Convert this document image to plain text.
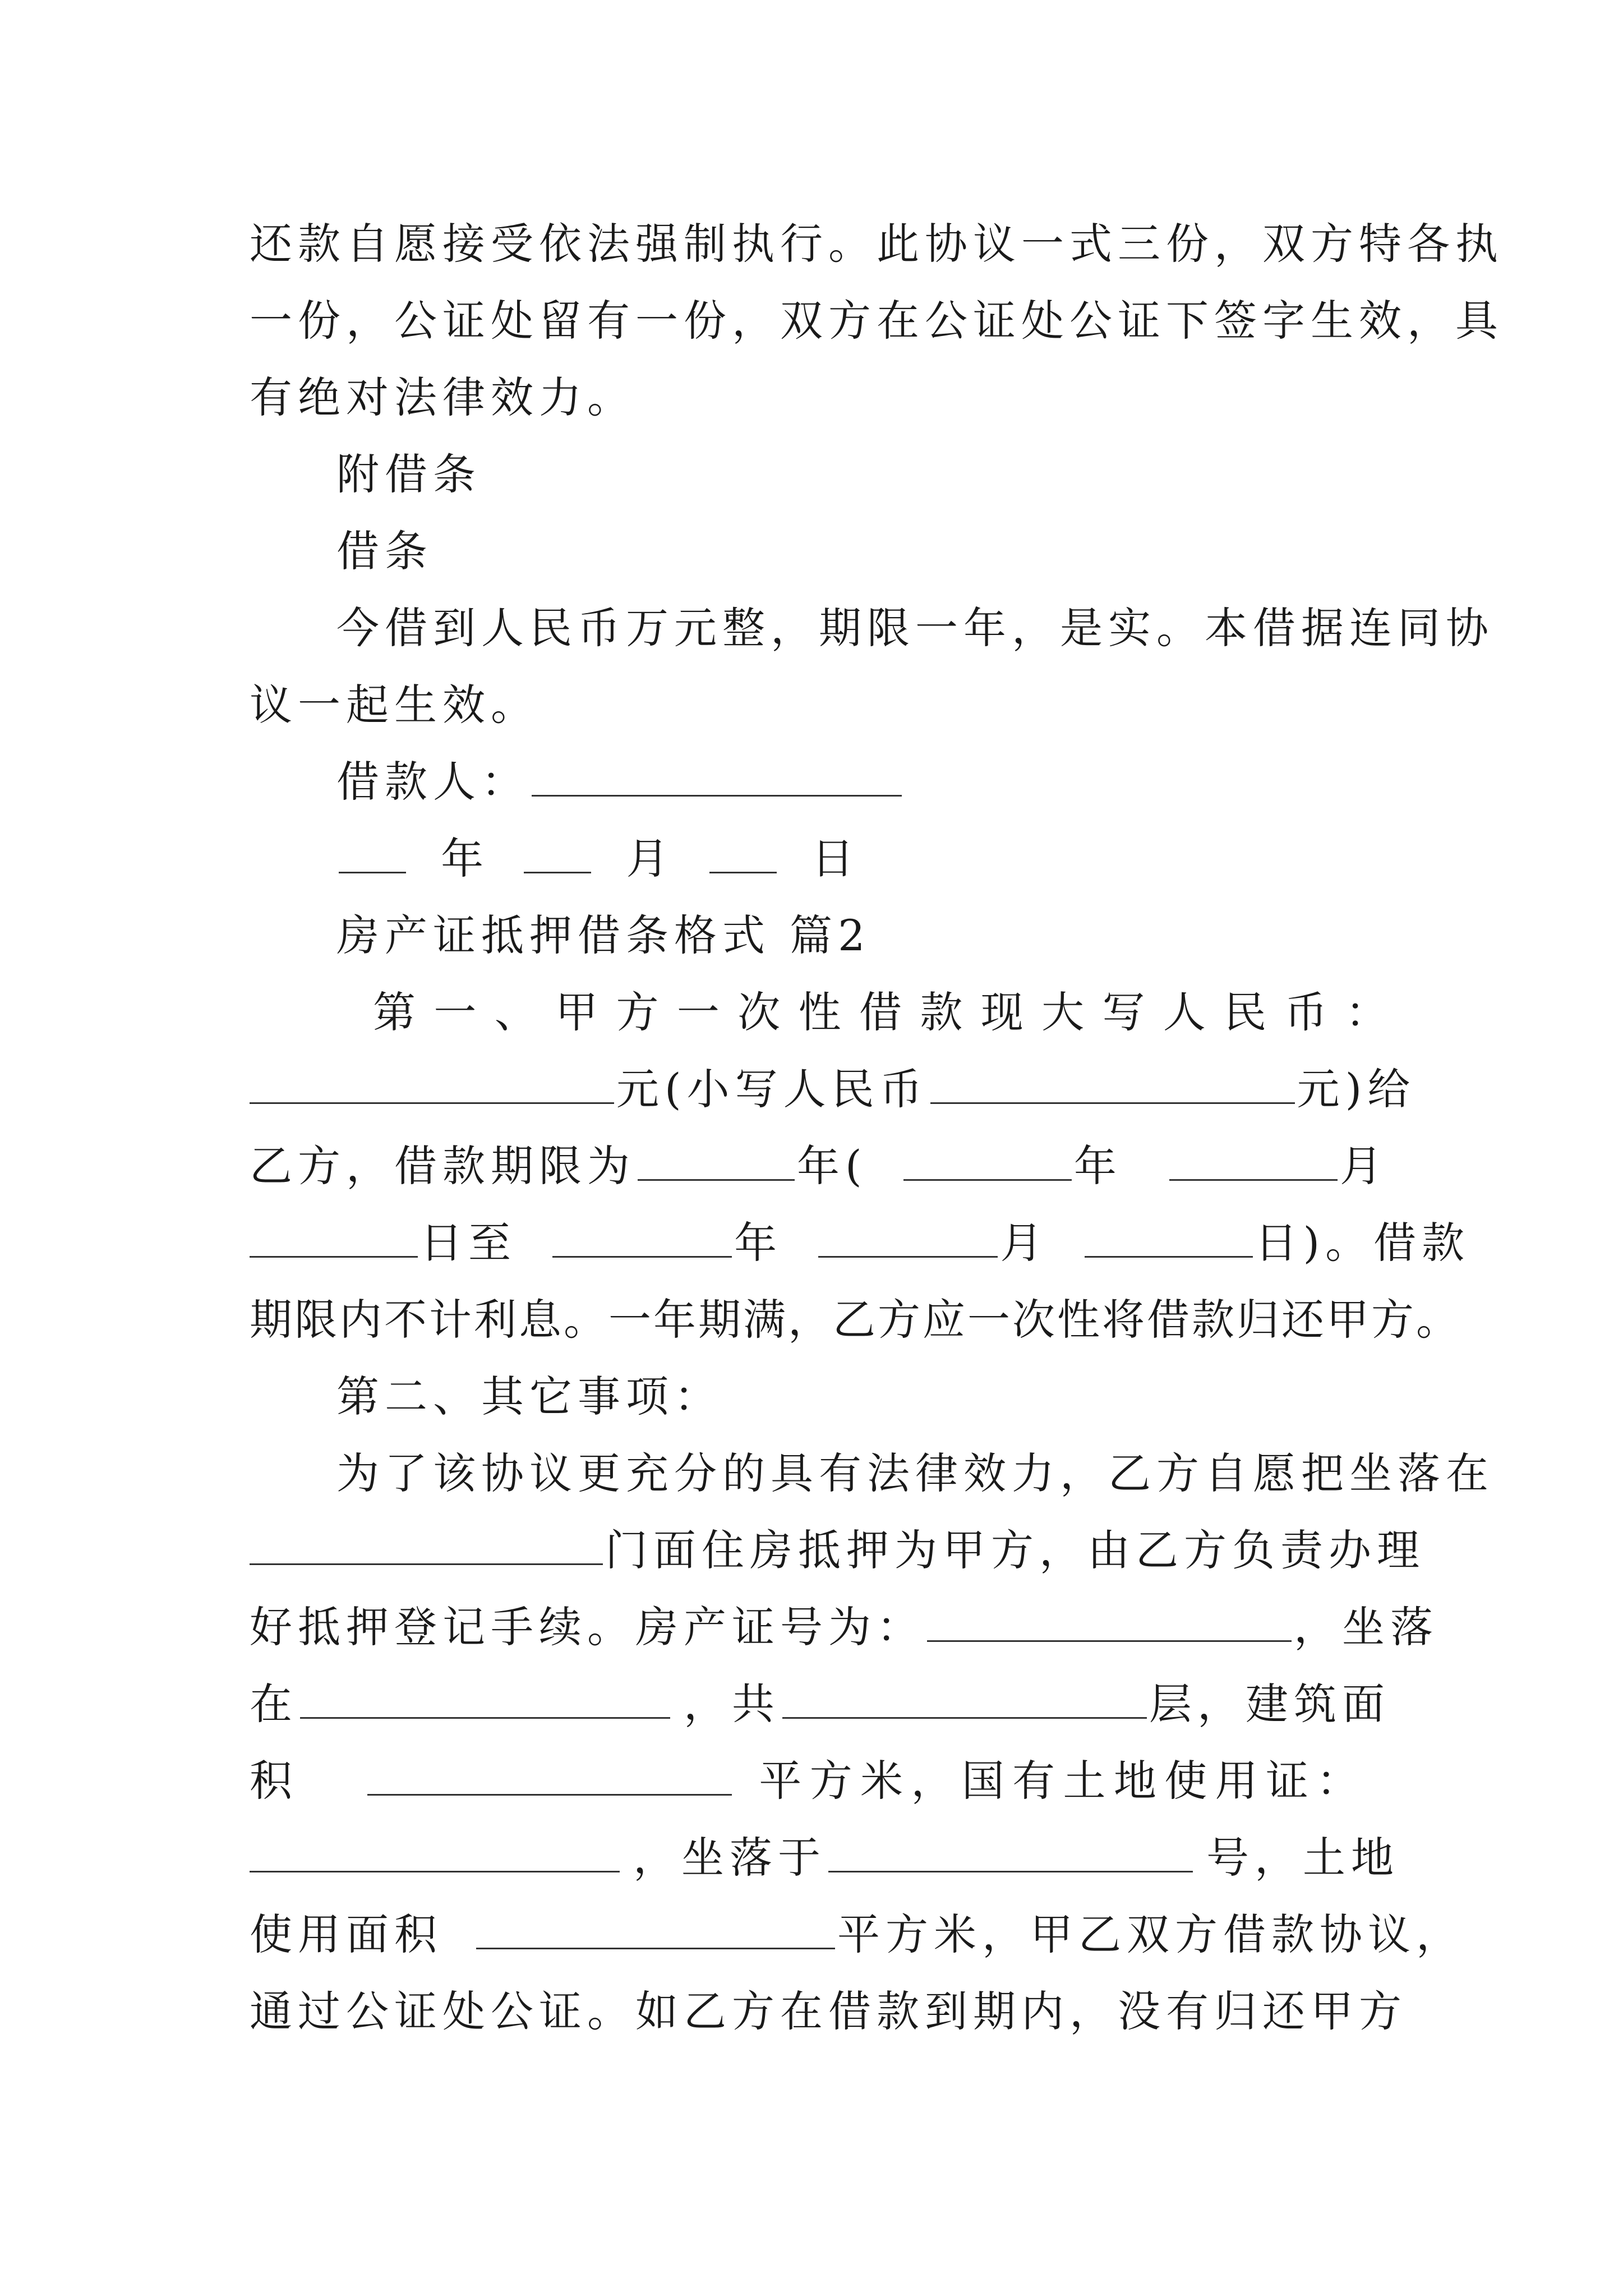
还款自愿接受依法强制执行。此协议一式三份，双方特各执
一份，公证处留有一份，双方在公证处公证下签字生效，具
有绝对法律效力。
附借条
借条
今借到人民币万元整，期限一年，是实。本借据连同协
议一起生效。
借款人：
年	月	日
房产证抵押借条格式 篇2
第 一 、 甲 方 一 次 性 借 款 现 大 写 人 民 币 ：
元(小写人民币	元)给
乙方，借款期限为	年(	年	月
日至	年	月	日)。借款
期限内不计利息。一年期满，乙方应一次性将借款归还甲方。
第二、其它事项：
为了该协议更充分的具有法律效力，乙方自愿把坐落在
门面住房抵押为甲方，由乙方负责办理
好抵押登记手续。房产证号为：	，坐落
在	，共	层，建筑面
积	平 方 米 ， 国 有 土 地 使 用 证 ：
，坐落于	号，土地
使用面积	平方米，甲乙双方借款协议，
通过公证处公证。如乙方在借款到期内，没有归还甲方
